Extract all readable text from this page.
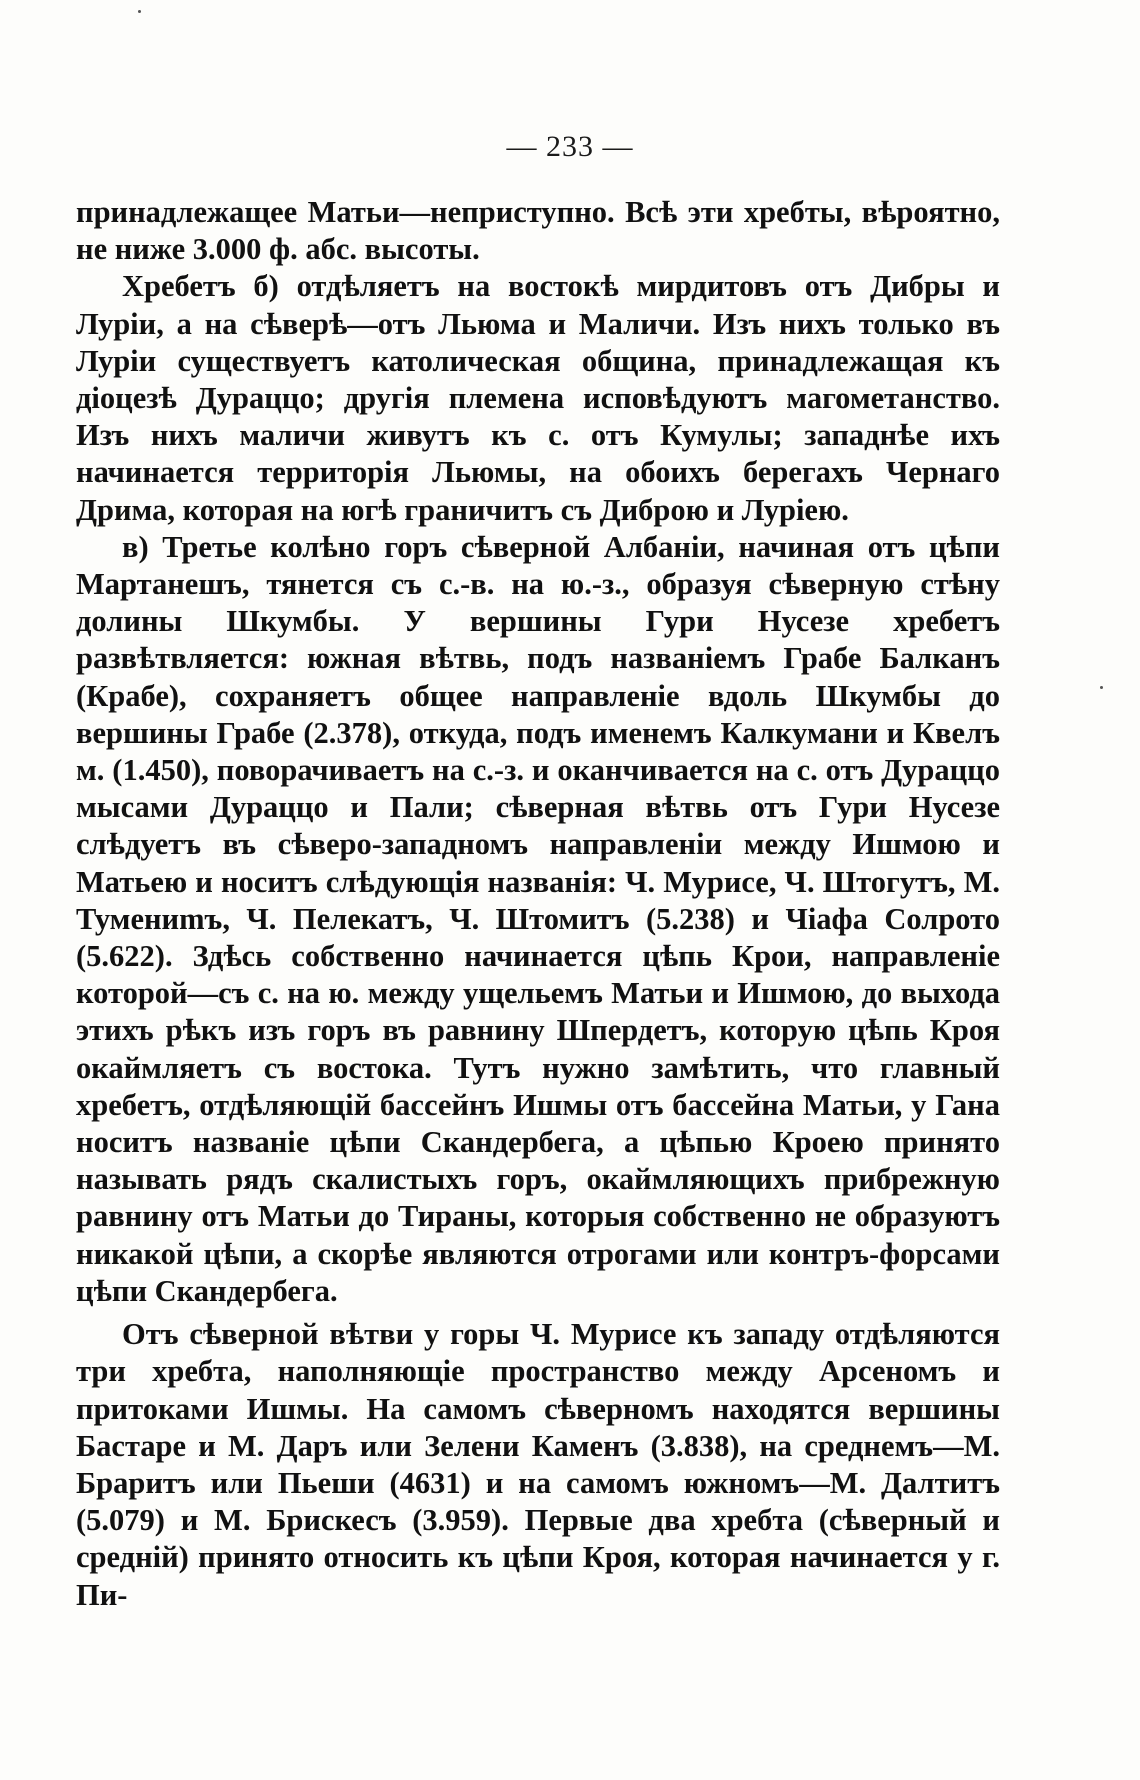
— 233 —

принадлежащее Матьи—неприступно. Всѣ эти хребты, вѣроятно, не ниже 3.000 ф. абс. высоты.

Хребетъ б) отдѣляетъ на востокѣ мирдитовъ отъ Дибры и Луріи, а на сѣверѣ—отъ Льюма и Маличи. Изъ нихъ только въ Луріи существуетъ католическая община, принадлежащая къ діоцезѣ Дураццо; другія племена исповѣдуютъ магометанство. Изъ нихъ маличи живутъ къ с. отъ Кумулы; западнѣе ихъ начинается территорія Льюмы, на обоихъ берегахъ Чернаго Дрима, которая на югѣ граничитъ съ Диброю и Луріею.

в) Третье колѣно горъ сѣверной Албаніи, начиная отъ цѣпи Мартанешъ, тянется съ с.-в. на ю.-з., образуя сѣверную стѣну долины Шкумбы. У вершины Гури Нусезе хребетъ развѣтвляется: южная вѣтвь, подъ названіемъ Грабе Балканъ (Крабе), сохраняетъ общее направленіе вдоль Шкумбы до вершины Грабе (2.378), откуда, подъ именемъ Калкумани и Квелъ м. (1.450), поворачиваетъ на с.-з. и оканчивается на с. отъ Дураццо мысами Дураццо и Пали; сѣверная вѣтвь отъ Гури Нусезе слѣдуетъ въ сѣверо-западномъ направленіи между Ишмою и Матьею и носитъ слѣдующія названія: Ч. Мурисе, Ч. Штогутъ, М. Тумениmъ, Ч. Пелекатъ, Ч. Штомитъ (5.238) и Чіафа Солрото (5.622). Здѣсь собственно начинается цѣпь Крои, направленіе которой—съ с. на ю. между ущельемъ Матьи и Ишмою, до выхода этихъ рѣкъ изъ горъ въ равнину Шпердетъ, которую цѣпь Кроя окаймляетъ съ востока. Тутъ нужно замѣтить, что главный хребетъ, отдѣляющій бассейнъ Ишмы отъ бассейна Матьи, у Гана носитъ названіе цѣпи Скандербега, а цѣпью Кроею принято называть рядъ скалистыхъ горъ, окаймляющихъ прибрежную равнину отъ Матьи до Тираны, которыя собственно не образуютъ никакой цѣпи, а скорѣе являются отрогами или контръ-форсами цѣпи Скандербега.

Отъ сѣверной вѣтви у горы Ч. Мурисе къ западу отдѣляются три хребта, наполняющіе пространство между Арсеномъ и притоками Ишмы. На самомъ сѣверномъ находятся вершины Бастаре и М. Даръ или Зелени Каменъ (3.838), на среднемъ—М. Браритъ или Пьеши (4631) и на самомъ южномъ—М. Далтитъ (5.079) и М. Брискесъ (3.959). Первые два хребта (сѣверный и средній) принято относить къ цѣпи Кроя, которая начинается у г. Пи-
